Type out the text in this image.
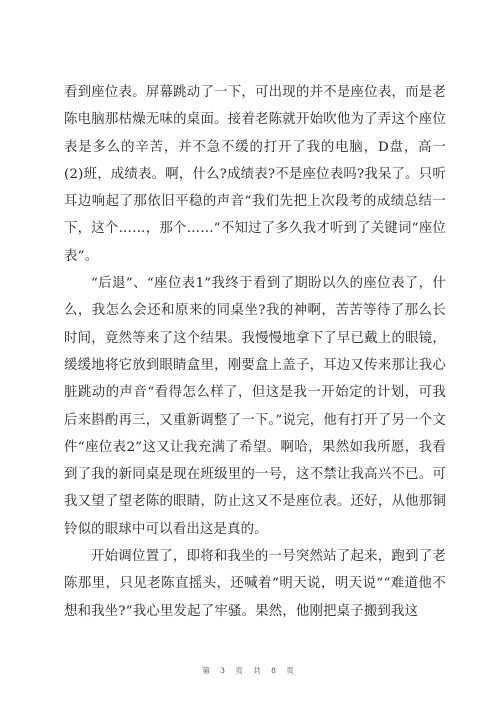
看到座位表。屏幕跳动了一下，可出现的并不是座位表，而是老陈电脑那枯燥无味的桌面。接着老陈就开始吹他为了弄这个座位表是多么的辛苦，并不急不缓的打开了我的电脑，D盘，高一(2)班，成绩表。啊，什么?成绩表?不是座位表吗?我呆了。只听耳边响起了那依旧平稳的声音“我们先把上次段考的成绩总结一下，这个……，那个……”不知过了多久我才听到了关键词“座位表”。

“后退”、“座位表1”我终于看到了期盼以久的座位表了，什么，我怎么会还和原来的同桌坐?我的神啊，苦苦等待了那么长时间，竟然等来了这个结果。我慢慢地拿下了早已戴上的眼镜，缓缓地将它放到眼睛盒里，刚要盒上盖子，耳边又传来那让我心脏跳动的声音“看得怎么样了，但这是我一开始定的计划，可我后来斟酌再三，又重新调整了一下。”说完，他有打开了另一个文件“座位表2”这又让我充满了希望。啊哈，果然如我所愿，我看到了我的新同桌是现在班级里的一号，这不禁让我高兴不已。可我又望了望老陈的眼睛，防止这又不是座位表。还好，从他那铜铃似的眼球中可以看出这是真的。

开始调位置了，即将和我坐的一号突然站了起来，跑到了老陈那里，只见老陈直摇头，还喊着“明天说，明天说”“难道他不想和我坐?”我心里发起了牢骚。果然，他刚把桌子搬到我这

第 3 页 共 8 页
